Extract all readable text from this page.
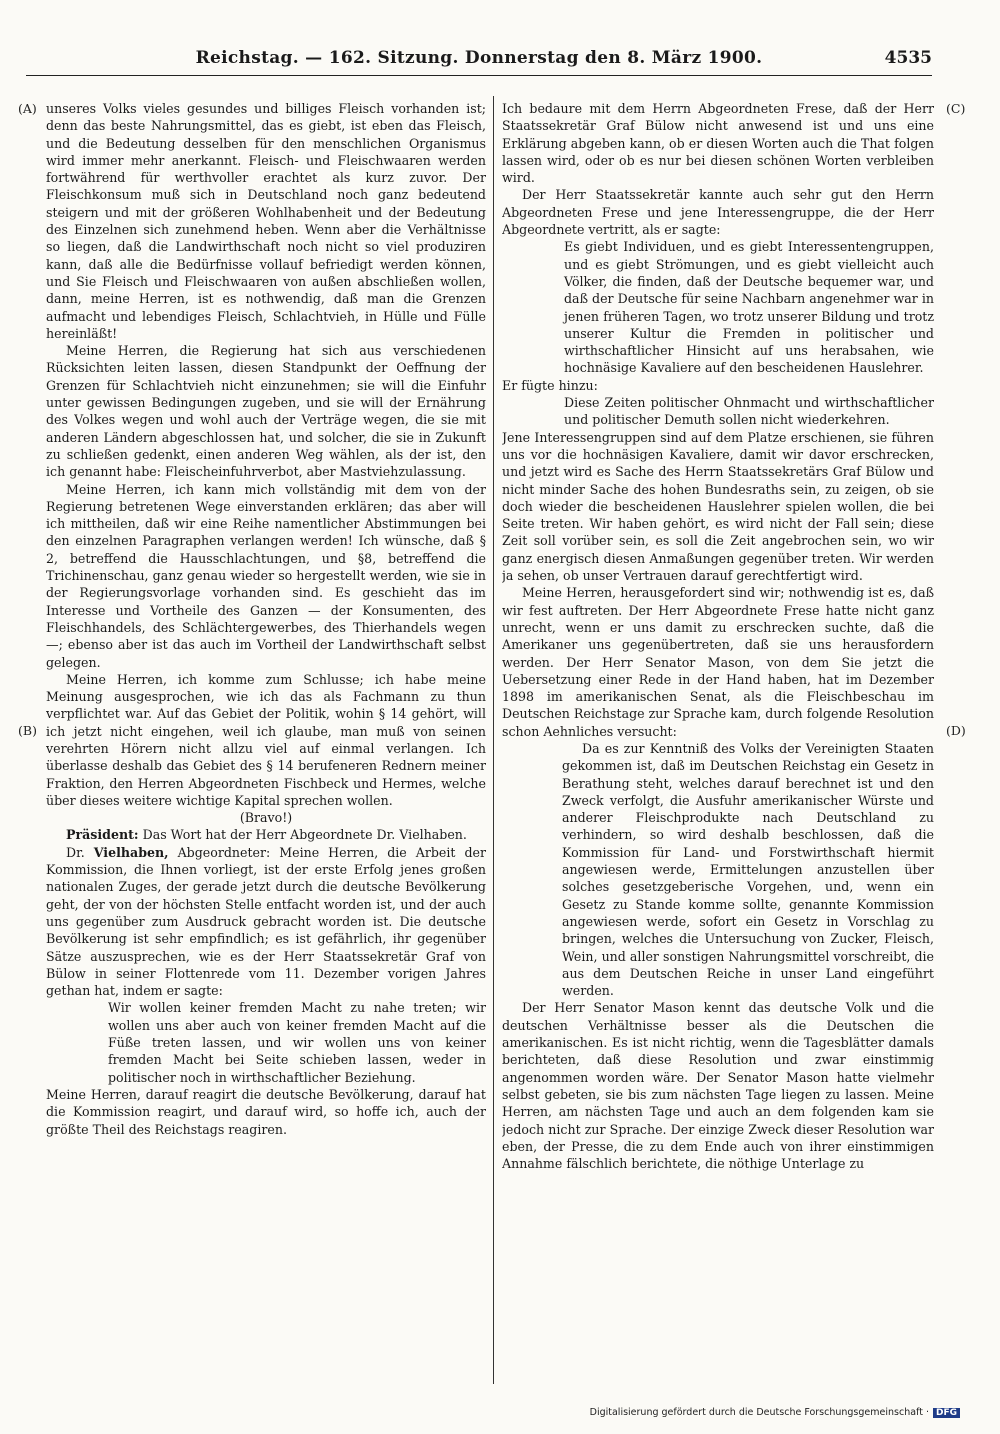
Reichstag. — 162. Sitzung. Donnerstag den 8. März 1900.	4535
(A)
(B)
(C)
(D)

unseres Volks vieles gesundes und billiges Fleisch vorhanden ist; denn das beste Nahrungsmittel, das es giebt, ist eben das Fleisch, und die Bedeutung desselben für den menschlichen Organismus wird immer mehr anerkannt. Fleisch- und Fleischwaaren werden fortwährend für werthvoller erachtet als kurz zuvor. Der Fleischkonsum muß sich in Deutschland noch ganz bedeutend steigern und mit der größeren Wohlhabenheit und der Bedeutung des Einzelnen sich zunehmend heben. Wenn aber die Verhältnisse so liegen, daß die Landwirthschaft noch nicht so viel produziren kann, daß alle die Bedürfnisse vollauf befriedigt werden können, und Sie Fleisch und Fleischwaaren von außen abschließen wollen, dann, meine Herren, ist es nothwendig, daß man die Grenzen aufmacht und lebendiges Fleisch, Schlachtvieh, in Hülle und Fülle hereinläßt!

Meine Herren, die Regierung hat sich aus verschiedenen Rücksichten leiten lassen, diesen Standpunkt der Oeffnung der Grenzen für Schlachtvieh nicht einzunehmen; sie will die Einfuhr unter gewissen Bedingungen zugeben, und sie will der Ernährung des Volkes wegen und wohl auch der Verträge wegen, die sie mit anderen Ländern abgeschlossen hat, und solcher, die sie in Zukunft zu schließen gedenkt, einen anderen Weg wählen, als der ist, den ich genannt habe: Fleischeinfuhrverbot, aber Mastviehzulassung.

Meine Herren, ich kann mich vollständig mit dem von der Regierung betretenen Wege einverstanden erklären; das aber will ich mittheilen, daß wir eine Reihe namentlicher Abstimmungen bei den einzelnen Paragraphen verlangen werden! Ich wünsche, daß § 2, betreffend die Hausschlachtungen, und §8, betreffend die Trichinenschau, ganz genau wieder so hergestellt werden, wie sie in der Regierungsvorlage vorhanden sind. Es geschieht das im Interesse und Vortheile des Ganzen — der Konsumenten, des Fleischhandels, des Schlächtergewerbes, des Thierhandels wegen —; ebenso aber ist das auch im Vortheil der Landwirthschaft selbst gelegen.

Meine Herren, ich komme zum Schlusse; ich habe meine Meinung ausgesprochen, wie ich das als Fachmann zu thun verpflichtet war. Auf das Gebiet der Politik, wohin § 14 gehört, will ich jetzt nicht eingehen, weil ich glaube, man muß von seinen verehrten Hörern nicht allzu viel auf einmal verlangen. Ich überlasse deshalb das Gebiet des § 14 berufeneren Rednern meiner Fraktion, den Herren Abgeordneten Fischbeck und Hermes, welche über dieses weitere wichtige Kapital sprechen wollen.

(Bravo!)

Präsident: Das Wort hat der Herr Abgeordnete Dr. Vielhaben.

Dr. Vielhaben, Abgeordneter: Meine Herren, die Arbeit der Kommission, die Ihnen vorliegt, ist der erste Erfolg jenes großen nationalen Zuges, der gerade jetzt durch die deutsche Bevölkerung geht, der von der höchsten Stelle entfacht worden ist, und der auch uns gegenüber zum Ausdruck gebracht worden ist. Die deutsche Bevölkerung ist sehr empfindlich; es ist gefährlich, ihr gegenüber Sätze auszusprechen, wie es der Herr Staatssekretär Graf von Bülow in seiner Flottenrede vom 11. Dezember vorigen Jahres gethan hat, indem er sagte:

Wir wollen keiner fremden Macht zu nahe treten; wir wollen uns aber auch von keiner fremden Macht auf die Füße treten lassen, und wir wollen uns von keiner fremden Macht bei Seite schieben lassen, weder in politischer noch in wirthschaftlicher Beziehung.

Meine Herren, darauf reagirt die deutsche Bevölkerung, darauf hat die Kommission reagirt, und darauf wird, so hoffe ich, auch der größte Theil des Reichstags reagiren.

Ich bedaure mit dem Herrn Abgeordneten Frese, daß der Herr Staatssekretär Graf Bülow nicht anwesend ist und uns eine Erklärung abgeben kann, ob er diesen Worten auch die That folgen lassen wird, oder ob es nur bei diesen schönen Worten verbleiben wird.

Der Herr Staatssekretär kannte auch sehr gut den Herrn Abgeordneten Frese und jene Interessengruppe, die der Herr Abgeordnete vertritt, als er sagte:

Es giebt Individuen, und es giebt Interessentengruppen, und es giebt Strömungen, und es giebt vielleicht auch Völker, die finden, daß der Deutsche bequemer war, und daß der Deutsche für seine Nachbarn angenehmer war in jenen früheren Tagen, wo trotz unserer Bildung und trotz unserer Kultur die Fremden in politischer und wirthschaftlicher Hinsicht auf uns herabsahen, wie hochnäsige Kavaliere auf den bescheidenen Hauslehrer.

Er fügte hinzu:

Diese Zeiten politischer Ohnmacht und wirthschaftlicher und politischer Demuth sollen nicht wiederkehren.

Jene Interessengruppen sind auf dem Platze erschienen, sie führen uns vor die hochnäsigen Kavaliere, damit wir davor erschrecken, und jetzt wird es Sache des Herrn Staatssekretärs Graf Bülow und nicht minder Sache des hohen Bundesraths sein, zu zeigen, ob sie doch wieder die bescheidenen Hauslehrer spielen wollen, die bei Seite treten. Wir haben gehört, es wird nicht der Fall sein; diese Zeit soll vorüber sein, es soll die Zeit angebrochen sein, wo wir ganz energisch diesen Anmaßungen gegenüber treten. Wir werden ja sehen, ob unser Vertrauen darauf gerechtfertigt wird.

Meine Herren, herausgefordert sind wir; nothwendig ist es, daß wir fest auftreten. Der Herr Abgeordnete Frese hatte nicht ganz unrecht, wenn er uns damit zu erschrecken suchte, daß die Amerikaner uns gegenübertreten, daß sie uns herausfordern werden. Der Herr Senator Mason, von dem Sie jetzt die Uebersetzung einer Rede in der Hand haben, hat im Dezember 1898 im amerikanischen Senat, als die Fleischbeschau im Deutschen Reichstage zur Sprache kam, durch folgende Resolution schon Aehnliches versucht:

Da es zur Kenntniß des Volks der Vereinigten Staaten gekommen ist, daß im Deutschen Reichstag ein Gesetz in Berathung steht, welches darauf berechnet ist und den Zweck verfolgt, die Ausfuhr amerikanischer Würste und anderer Fleischprodukte nach Deutschland zu verhindern, so wird deshalb beschlossen, daß die Kommission für Land- und Forstwirthschaft hiermit angewiesen werde, Ermittelungen anzustellen über solches gesetzgeberische Vorgehen, und, wenn ein Gesetz zu Stande komme sollte, genannte Kommission angewiesen werde, sofort ein Gesetz in Vorschlag zu bringen, welches die Untersuchung von Zucker, Fleisch, Wein, und aller sonstigen Nahrungsmittel vorschreibt, die aus dem Deutschen Reiche in unser Land eingeführt werden.

Der Herr Senator Mason kennt das deutsche Volk und die deutschen Verhältnisse besser als die Deutschen die amerikanischen. Es ist nicht richtig, wenn die Tagesblätter damals berichteten, daß diese Resolution und zwar einstimmig angenommen worden wäre. Der Senator Mason hatte vielmehr selbst gebeten, sie bis zum nächsten Tage liegen zu lassen. Meine Herren, am nächsten Tage und auch an dem folgenden kam sie jedoch nicht zur Sprache. Der einzige Zweck dieser Resolution war eben, der Presse, die zu dem Ende auch von ihrer einstimmigen Annahme fälschlich berichtete, die nöthige Unterlage zu

Digitalisierung gefördert durch die Deutsche Forschungsgemeinschaft · DFG
